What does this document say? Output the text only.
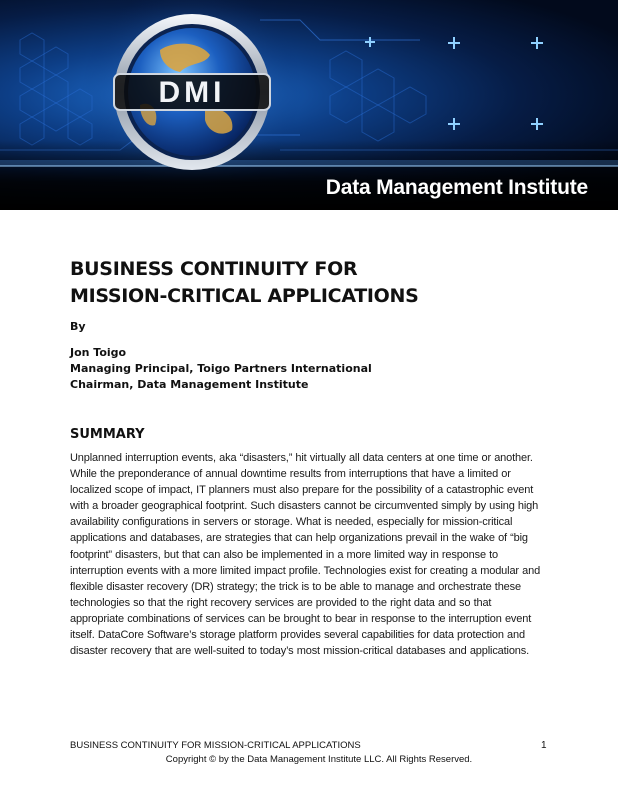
DMI
Data Management Institute
BUSINESS CONTINUITY FOR
MISSION-CRITICAL APPLICATIONS
By
Jon Toigo
Managing Principal, Toigo Partners International
Chairman, Data Management Institute
SUMMARY
Unplanned interruption events, aka “disasters,” hit virtually all data centers at one time or another. While the preponderance of annual downtime results from interruptions that have a limited or localized scope of impact, IT planners must also prepare for the possibility of a catastrophic event with a broader geographical footprint. Such disasters cannot be circumvented simply by using high availability configurations in servers or storage. What is needed, especially for mission-critical applications and databases, are strategies that can help organizations prevail in the wake of “big footprint” disasters, but that can also be implemented in a more limited way in response to interruption events with a more limited impact profile. Technologies exist for creating a modular and flexible disaster recovery (DR) strategy; the trick is to be able to manage and orchestrate these technologies so that the right recovery services are provided to the right data and so that appropriate combinations of services can be brought to bear in response to the interruption event itself. DataCore Software’s storage platform provides several capabilities for data protection and disaster recovery that are well-suited to today’s most mission-critical databases and applications.
BUSINESS CONTINUITY FOR MISSION-CRITICAL APPLICATIONS	1
Copyright © by the Data Management Institute LLC. All Rights Reserved.
